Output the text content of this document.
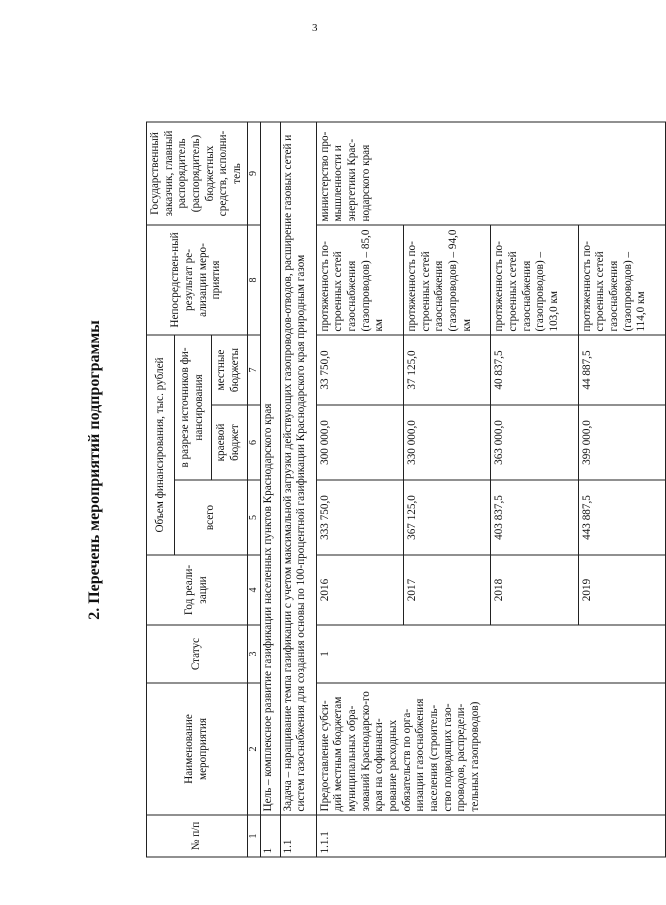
3
2. Перечень мероприятий подпрограммы
№ п/п	Наименование мероприятия	Статус	Год реали-зации	Объем финансирования, тыс. рублей			Непосредствен-ный результат ре-ализации меро-приятия	Государственный заказчик, главный распорядитель (распорядитель) бюджетных средств, исполни-тель
				всего	в разрезе источников фи-нансирования			
					краевой бюджет	местные бюджеты		
1	2	3	4	5	6	7	8	9
1	Цель – комплексное развитие газификации населенных пунктов Краснодарского края							
1.1	Задача – наращивание темпа газификации с учетом максимальной загрузки действующих газопроводов-отводов, расширение газовых сетей и систем газоснабжения для создания основы по 100-процентной газификации Краснодарского края природным газом							
1.1.1	Предоставление субси-дий местным бюджетам муниципальных обра-зований Краснодарско-го края на софинанси-рование расходных обязательств по орга-низации газоснабжения населения (строитель-ство подводящих газо-проводов, распредели-тельных газопроводов)	1	2016	333 750,0	300 000,0	33 750,0	протяженность по-строенных сетей газоснабжения (газопроводов) – 85,0 км	министерство про-мышленности и энергетики Крас-нодарского края
			2017	367 125,0	330 000,0	37 125,0	протяженность по-строенных сетей газоснабжения (газопроводов) – 94,0 км	
			2018	403 837,5	363 000,0	40 837,5	протяженность по-строенных сетей газоснабжения (газопроводов) – 103,0 км	
			2019	443 887,5	399 000,0	44 887,5	протяженность по-строенных сетей газоснабжения (газопроводов) – 114,0 км	
